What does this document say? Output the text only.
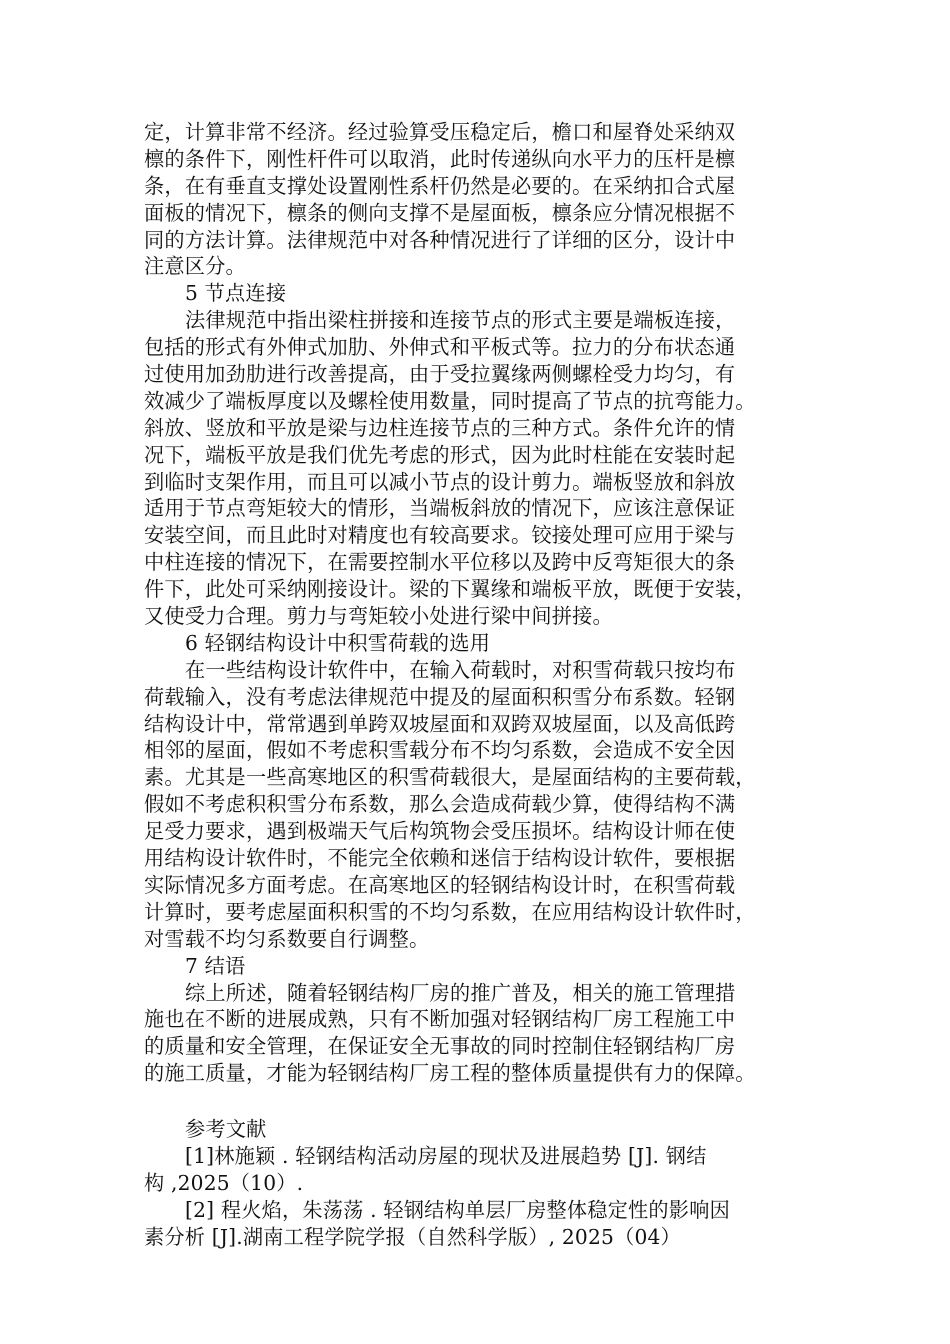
定，计算非常不经济。经过验算受压稳定后，檐口和屋脊处采纳双
檩的条件下，刚性杆件可以取消，此时传递纵向水平力的压杆是檩
条，在有垂直支撑处设置刚性系杆仍然是必要的。在采纳扣合式屋
面板的情况下，檩条的侧向支撑不是屋面板，檩条应分情况根据不
同的方法计算。法律规范中对各种情况进行了详细的区分，设计中
注意区分。
5 节点连接
法律规范中指出梁柱拼接和连接节点的形式主要是端板连接，
包括的形式有外伸式加肋、外伸式和平板式等。拉力的分布状态通
过使用加劲肋进行改善提高，由于受拉翼缘两侧螺栓受力均匀，有
效减少了端板厚度以及螺栓使用数量，同时提高了节点的抗弯能力。
斜放、竖放和平放是梁与边柱连接节点的三种方式。条件允许的情
况下，端板平放是我们优先考虑的形式，因为此时柱能在安装时起
到临时支架作用，而且可以减小节点的设计剪力。端板竖放和斜放
适用于节点弯矩较大的情形，当端板斜放的情况下，应该注意保证
安装空间，而且此时对精度也有较高要求。铰接处理可应用于梁与
中柱连接的情况下，在需要控制水平位移以及跨中反弯矩很大的条
件下，此处可采纳刚接设计。梁的下翼缘和端板平放，既便于安装，
又使受力合理。剪力与弯矩较小处进行梁中间拼接。
6 轻钢结构设计中积雪荷载的选用
在一些结构设计软件中，在输入荷载时，对积雪荷载只按均布
荷载输入，没有考虑法律规范中提及的屋面积积雪分布系数。轻钢
结构设计中，常常遇到单跨双坡屋面和双跨双坡屋面，以及高低跨
相邻的屋面，假如不考虑积雪载分布不均匀系数，会造成不安全因
素。尤其是一些高寒地区的积雪荷载很大，是屋面结构的主要荷载，
假如不考虑积积雪分布系数，那么会造成荷载少算，使得结构不满
足受力要求，遇到极端天气后构筑物会受压损坏。结构设计师在使
用结构设计软件时，不能完全依赖和迷信于结构设计软件，要根据
实际情况多方面考虑。在高寒地区的轻钢结构设计时，在积雪荷载
计算时，要考虑屋面积积雪的不均匀系数，在应用结构设计软件时，
对雪载不均匀系数要自行调整。
7 结语
综上所述，随着轻钢结构厂房的推广普及，相关的施工管理措
施也在不断的进展成熟，只有不断加强对轻钢结构厂房工程施工中
的质量和安全管理，在保证安全无事故的同时控制住轻钢结构厂房
的施工质量，才能为轻钢结构厂房工程的整体质量提供有力的保障。
参考文献
[1]林施颖 . 轻钢结构活动房屋的现状及进展趋势 [J]. 钢结
构 ,2025（10）.
[2] 程火焰，朱荡荡 . 轻钢结构单层厂房整体稳定性的影响因
素分析 [J].湖南工程学院学报（自然科学版）, 2025（04）
